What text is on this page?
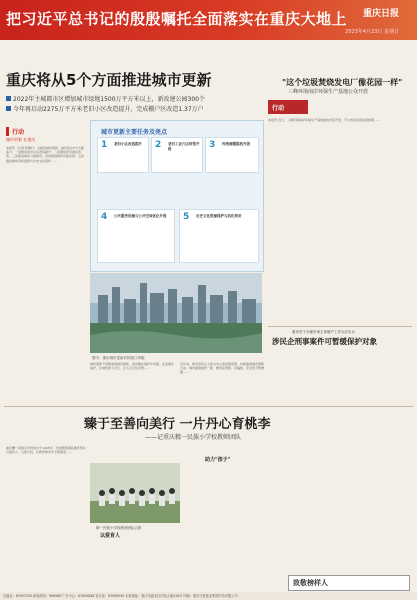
把习近平总书记的殷殷嘱托全面落实在重庆大地上 重庆日报
2023年4月23日 星期日
重庆将从5个方面推进城市更新
2022年主城都市区增加城市绿地1500万平方米以上，新改建公园300个
今年再启动2275万平方米老旧小区改造提升，完成棚户区改造1.37万户
行动
城市更新 在重庆
本报讯（记者 陈维灯）为推进城市更新，重庆将从5个方面着力：一是推进老旧小区改造提升；二是推进老旧街区改造；三是推进城市公园建设；四是推进城市功能完善；五是推进城市有机更新与历史文化保护……
城市更新主要任务及亮点
1 老旧小区改造提升	2 老旧工业片区转型升级	3 传统商圈提档升级
4 公共服务设施与公共空间优化升级	5 历史文化资源保护与活化利用
图为：重庆城市更新后的滨江风貌
城市更新不是简单的拆旧建新，而是要在保护中发展，在发展中保护，让城市留下记忆，让人们记住乡愁……
近年来，我市坚持以人民为中心的发展思想，持续推进城市更新行动，城市面貌焕然一新，群众获得感、幸福感、安全感不断增强……
"这个垃圾焚烧发电厂像花园一样"
三峰环境南岸环保生产基地公众开放
行动
本报讯 近日，三峰环境南岸环保生产基地面向市民开放，不少市民来到这里参观……
重庆首个办理市场主体破产工作办法出台
涉民企刑事案件可暂缓保护对象
臻于至善向美行 一片丹心育桃李
——记重庆精一民族小学校教师团队
重庆精一民族小学校创办于1905年，学校教师团队始终坚持以爱育人、以德立校，在教育教学中不断探索……
精一民族小学校教师团队合影
以爱育人
助力"孩子"
致敬榜样人
总编室：63907200 新闻热线：966966 广告中心：63904888 发行部：63906090 本报地址：重庆市渝北区同茂大道416号 印刷：重庆日报报业集团印务有限公司
